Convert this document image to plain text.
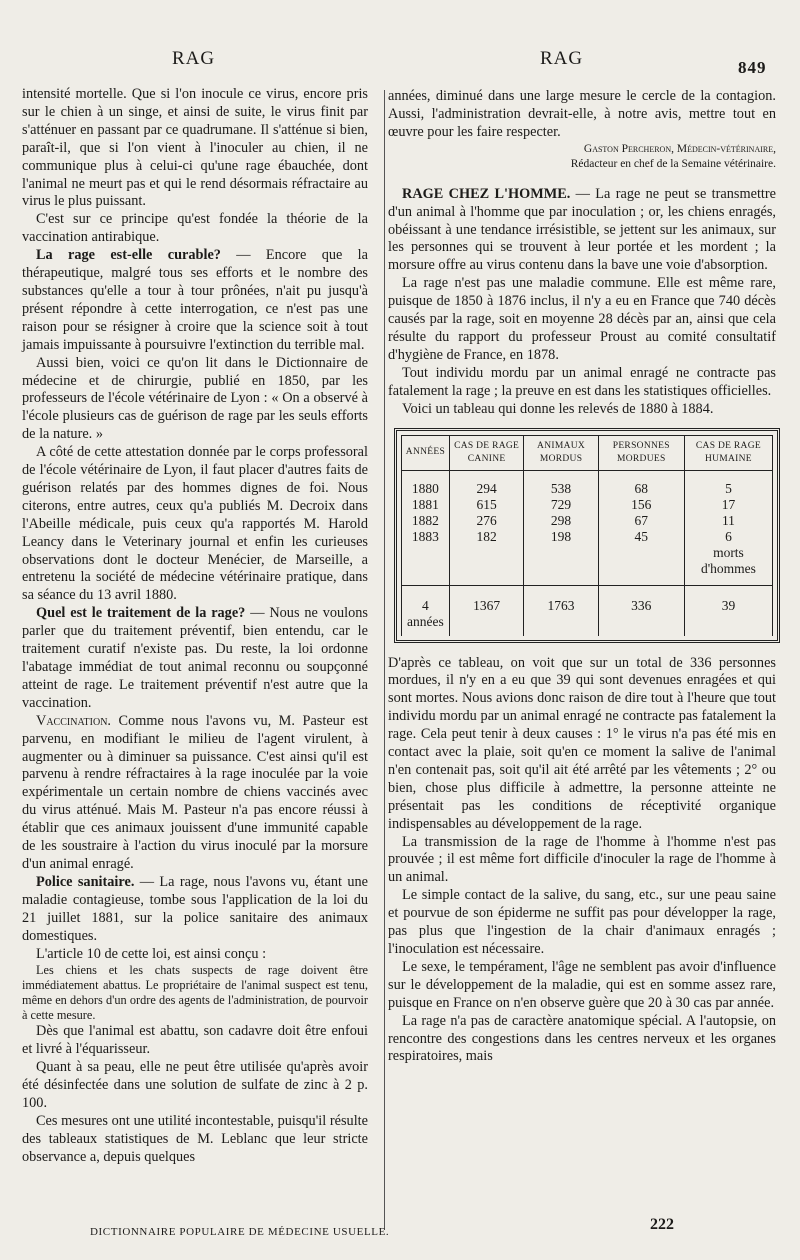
RAG	RAG	849

intensité mortelle. Que si l'on inocule ce virus, encore pris sur le chien à un singe, et ainsi de suite, le virus finit par s'atténuer en passant par ce quadrumane. Il s'atténue si bien, paraît-il, que si l'on vient à l'inoculer au chien, il ne communique plus à celui-ci qu'une rage ébauchée, dont l'animal ne meurt pas et qui le rend désormais réfractaire au virus le plus puissant.

C'est sur ce principe qu'est fondée la théorie de la vaccination antirabique.

La rage est-elle curable? — Encore que la thérapeutique, malgré tous ses efforts et le nombre des substances qu'elle a tour à tour prônées, n'ait pu jusqu'à présent répondre à cette interrogation, ce n'est pas une raison pour se résigner à croire que la science soit à tout jamais impuissante à poursuivre l'extinction du terrible mal.

Aussi bien, voici ce qu'on lit dans le Dictionnaire de médecine et de chirurgie, publié en 1850, par les professeurs de l'école vétérinaire de Lyon : « On a observé à l'école plusieurs cas de guérison de rage par les seuls efforts de la nature. »

A côté de cette attestation donnée par le corps professoral de l'école vétérinaire de Lyon, il faut placer d'autres faits de guérison relatés par des hommes dignes de foi. Nous citerons, entre autres, ceux qu'a publiés M. Decroix dans l'Abeille médicale, puis ceux qu'a rapportés M. Harold Leancy dans le Veterinary journal et enfin les curieuses observations dont le docteur Menécier, de Marseille, a entretenu la société de médecine vétérinaire pratique, dans sa séance du 13 avril 1880.

Quel est le traitement de la rage? — Nous ne voulons parler que du traitement préventif, bien entendu, car le traitement curatif n'existe pas. Du reste, la loi ordonne l'abatage immédiat de tout animal reconnu ou soupçonné atteint de rage. Le traitement préventif n'est autre que la vaccination.

Vaccination. Comme nous l'avons vu, M. Pasteur est parvenu, en modifiant le milieu de l'agent virulent, à augmenter ou à diminuer sa puissance. C'est ainsi qu'il est parvenu à rendre réfractaires à la rage inoculée par la voie expérimentale un certain nombre de chiens vaccinés avec du virus atténué. Mais M. Pasteur n'a pas encore réussi à établir que ces animaux jouissent d'une immunité capable de les soustraire à l'action du virus inoculé par la morsure d'un animal enragé.

Police sanitaire. — La rage, nous l'avons vu, étant une maladie contagieuse, tombe sous l'application de la loi du 21 juillet 1881, sur la police sanitaire des animaux domestiques.

L'article 10 de cette loi, est ainsi conçu :

Les chiens et les chats suspects de rage doivent être immédiatement abattus. Le propriétaire de l'animal suspect est tenu, même en dehors d'un ordre des agents de l'administration, de pourvoir à cette mesure.

Dès que l'animal est abattu, son cadavre doit être enfoui et livré à l'équarisseur.

Quant à sa peau, elle ne peut être utilisée qu'après avoir été désinfectée dans une solution de sulfate de zinc à 2 p. 100.

Ces mesures ont une utilité incontestable, puisqu'il résulte des tableaux statistiques de M. Leblanc que leur stricte observance a, depuis quelques

années, diminué dans une large mesure le cercle de la contagion. Aussi, l'administration devrait-elle, à notre avis, mettre tout en œuvre pour les faire respecter.

Gaston Percheron, Médecin-vétérinaire,

Rédacteur en chef de la Semaine vétérinaire.

RAGE CHEZ L'HOMME. — La rage ne peut se transmettre d'un animal à l'homme que par inoculation ; or, les chiens enragés, obéissant à une tendance irrésistible, se jettent sur les animaux, sur les personnes qui se trouvent à leur portée et les mordent ; la morsure offre au virus contenu dans la bave une voie d'absorption.

La rage n'est pas une maladie commune. Elle est même rare, puisque de 1850 à 1876 inclus, il n'y a eu en France que 740 décès causés par la rage, soit en moyenne 28 décès par an, ainsi que cela résulte du rapport du professeur Proust au comité consultatif d'hygiène de France, en 1878.

Tout individu mordu par un animal enragé ne contracte pas fatalement la rage ; la preuve en est dans les statistiques officielles.

Voici un tableau qui donne les relevés de 1880 à 1884.

ANNÉES	CAS DE RAGE CANINE	ANIMAUX MORDUS	PERSONNES MORDUES	CAS DE RAGE HUMAINE
1880	294	538	68	5
1881	615	729	156	17
1882	276	298	67	11
1883	182	198	45	6
				morts
				d'hommes
4 années	1367	1763	336	39

D'après ce tableau, on voit que sur un total de 336 personnes mordues, il n'y en a eu que 39 qui sont devenues enragées et qui sont mortes. Nous avions donc raison de dire tout à l'heure que tout individu mordu par un animal enragé ne contracte pas fatalement la rage. Cela peut tenir à deux causes : 1° le virus n'a pas été mis en contact avec la plaie, soit qu'en ce moment la salive de l'animal n'en contenait pas, soit qu'il ait été arrêté par les vêtements ; 2° ou bien, chose plus difficile à admettre, la personne atteinte ne présentait pas les conditions de réceptivité organique indispensables au développement de la rage.

La transmission de la rage de l'homme à l'homme n'est pas prouvée ; il est même fort difficile d'inoculer la rage de l'homme à un animal.

Le simple contact de la salive, du sang, etc., sur une peau saine et pourvue de son épiderme ne suffit pas pour développer la rage, pas plus que l'ingestion de la chair d'animaux enragés ; l'inoculation est nécessaire.

Le sexe, le tempérament, l'âge ne semblent pas avoir d'influence sur le développement de la maladie, qui est en somme assez rare, puisque en France on n'en observe guère que 20 à 30 cas par année.

La rage n'a pas de caractère anatomique spécial. A l'autopsie, on rencontre des congestions dans les centres nerveux et les organes respiratoires, mais

DICTIONNAIRE POPULAIRE DE MÉDECINE USUELLE.	222
